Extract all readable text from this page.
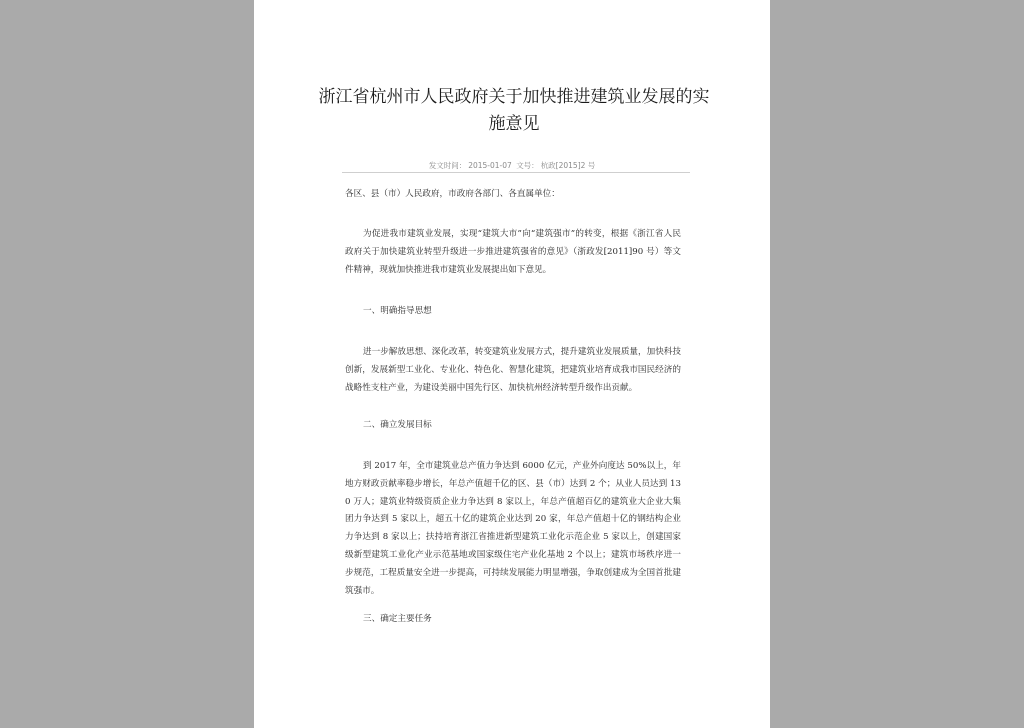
浙江省杭州市人民政府关于加快推进建筑业发展的实施意见
发文时间： 2015-01-07 文号： 杭政[2015]2 号

各区、县（市）人民政府，市政府各部门、各直属单位：

为促进我市建筑业发展，实现“建筑大市”向“建筑强市”的转变，根据《浙江省人民政府关于加快建筑业转型升级进一步推进建筑强省的意见》（浙政发[2011]90 号）等文件精神，现就加快推进我市建筑业发展提出如下意见。

一、明确指导思想

进一步解放思想、深化改革，转变建筑业发展方式，提升建筑业发展质量，加快科技创新，发展新型工业化、专业化、特色化、智慧化建筑，把建筑业培育成我市国民经济的战略性支柱产业，为建设美丽中国先行区、加快杭州经济转型升级作出贡献。

二、确立发展目标

到 2017 年，全市建筑业总产值力争达到 6000 亿元，产业外向度达 50%以上，年地方财政贡献率稳步增长，年总产值超千亿的区、县（市）达到 2 个；从业人员达到 130 万人；建筑业特级资质企业力争达到 8 家以上，年总产值超百亿的建筑业大企业大集团力争达到 5 家以上，超五十亿的建筑企业达到 20 家，年总产值超十亿的钢结构企业力争达到 8 家以上；扶持培育浙江省推进新型建筑工业化示范企业 5 家以上，创建国家级新型建筑工业化产业示范基地或国家级住宅产业化基地 2 个以上；建筑市场秩序进一步规范，工程质量安全进一步提高，可持续发展能力明显增强，争取创建成为全国首批建筑强市。

三、确定主要任务
